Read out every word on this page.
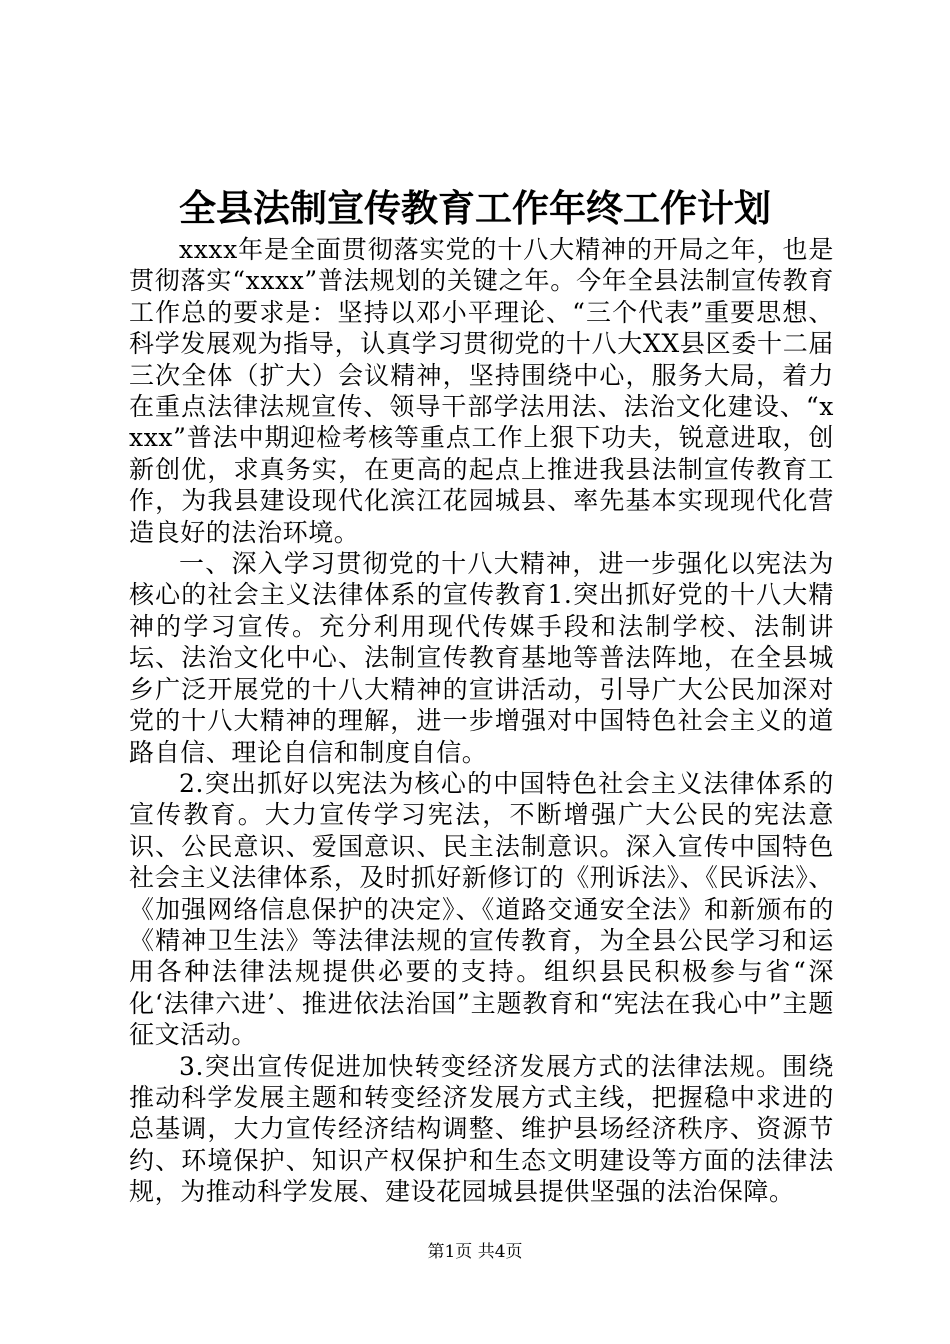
全县法制宣传教育工作年终工作计划

xxxx年是全面贯彻落实党的十八大精神的开局之年，也是贯彻落实“xxxx”普法规划的关键之年。今年全县法制宣传教育工作总的要求是：坚持以邓小平理论、“三个代表”重要思想、科学发展观为指导，认真学习贯彻党的十八大XX县区委十二届三次全体（扩大）会议精神，坚持围绕中心，服务大局，着力在重点法律法规宣传、领导干部学法用法、法治文化建设、“xxxx”普法中期迎检考核等重点工作上狠下功夫，锐意进取，创新创优，求真务实，在更高的起点上推进我县法制宣传教育工作，为我县建设现代化滨江花园城县、率先基本实现现代化营造良好的法治环境。

一、深入学习贯彻党的十八大精神，进一步强化以宪法为核心的社会主义法律体系的宣传教育1.突出抓好党的十八大精神的学习宣传。充分利用现代传媒手段和法制学校、法制讲坛、法治文化中心、法制宣传教育基地等普法阵地，在全县城乡广泛开展党的十八大精神的宣讲活动，引导广大公民加深对党的十八大精神的理解，进一步增强对中国特色社会主义的道路自信、理论自信和制度自信。

2.突出抓好以宪法为核心的中国特色社会主义法律体系的宣传教育。大力宣传学习宪法，不断增强广大公民的宪法意识、公民意识、爱国意识、民主法制意识。深入宣传中国特色社会主义法律体系，及时抓好新修订的《刑诉法》、《民诉法》、《加强网络信息保护的决定》、《道路交通安全法》和新颁布的《精神卫生法》等法律法规的宣传教育，为全县公民学习和运用各种法律法规提供必要的支持。组织县民积极参与省“深化‘法律六进’、推进依法治国”主题教育和“宪法在我心中”主题征文活动。

3.突出宣传促进加快转变经济发展方式的法律法规。围绕推动科学发展主题和转变经济发展方式主线，把握稳中求进的总基调，大力宣传经济结构调整、维护县场经济秩序、资源节约、环境保护、知识产权保护和生态文明建设等方面的法律法规，为推动科学发展、建设花园城县提供坚强的法治保障。

第1页 共4页
